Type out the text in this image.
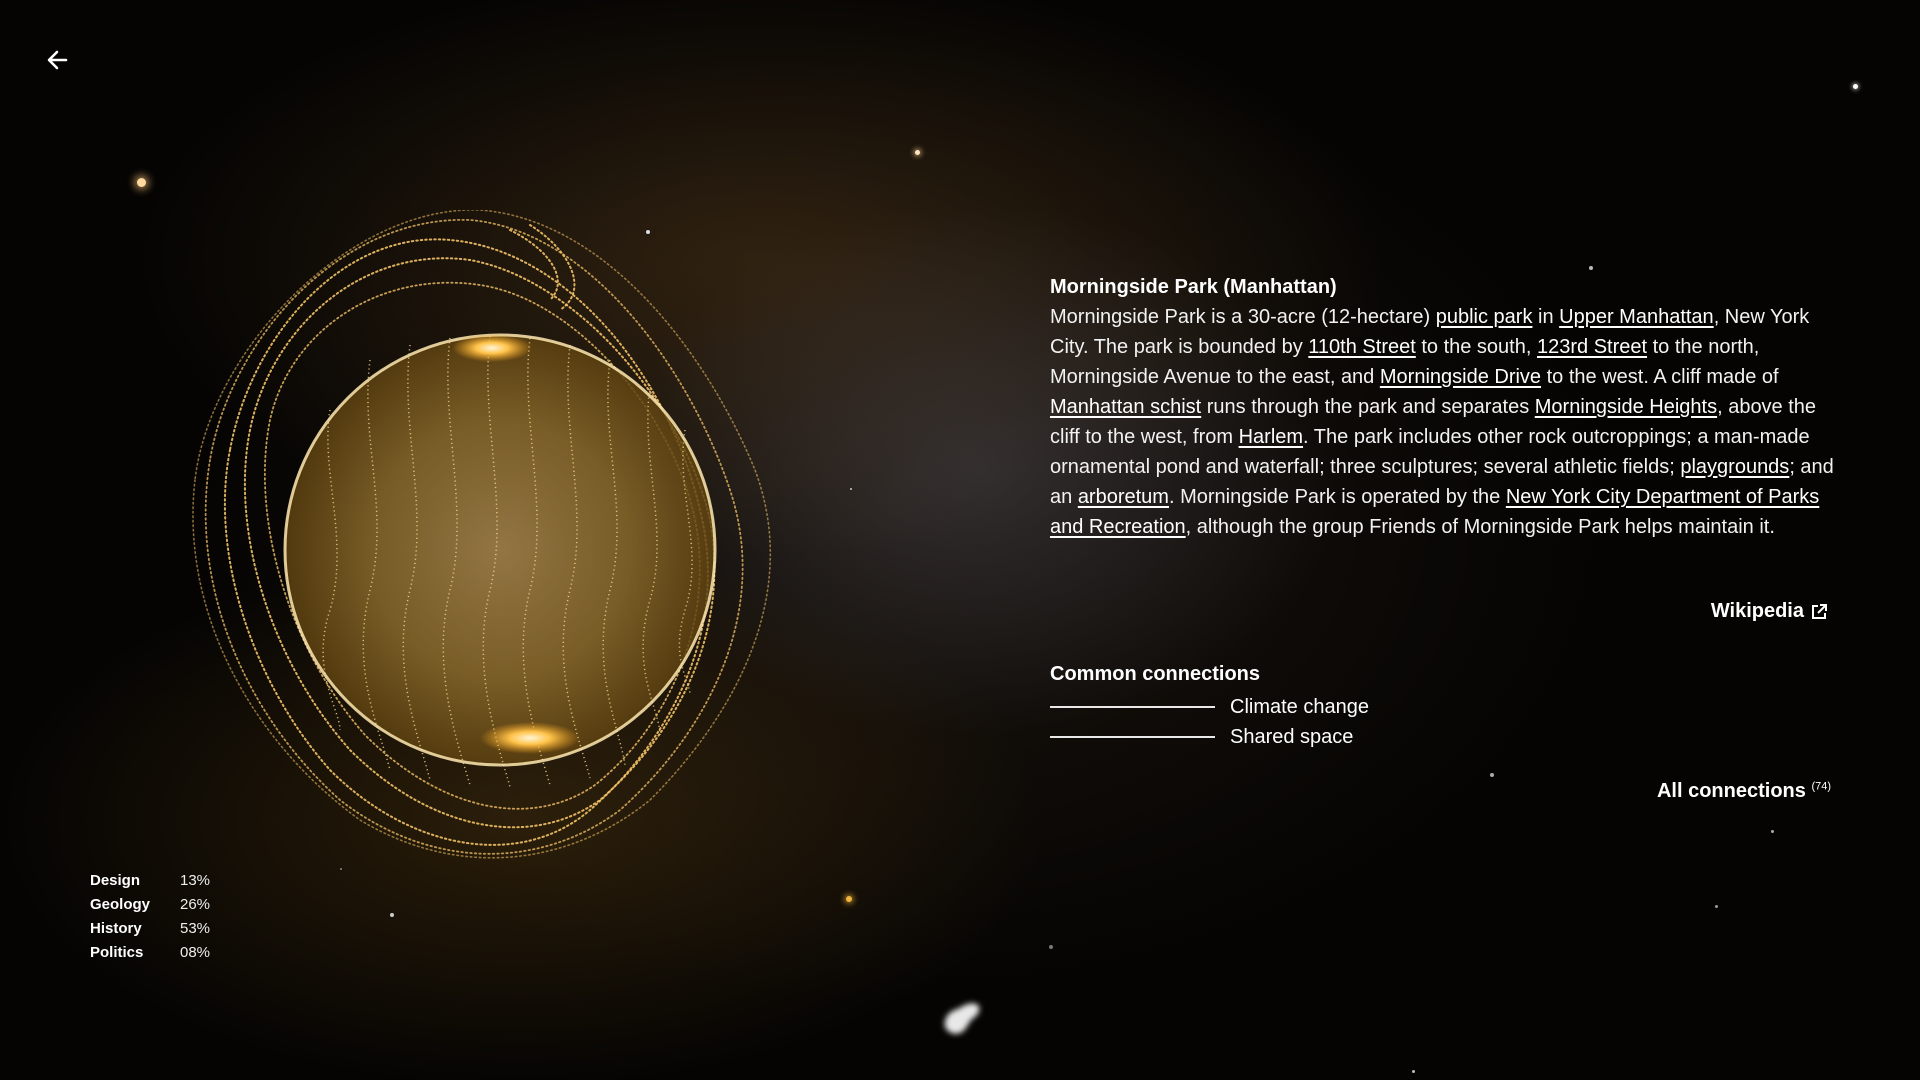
Morningside Park (Manhattan)

Morningside Park is a 30-acre (12-hectare) public park in Upper Manhattan, New York City. The park is bounded by 110th Street to the south, 123rd Street to the north, Morningside Avenue to the east, and Morningside Drive to the west. A cliff made of Manhattan schist runs through the park and separates Morningside Heights, above the cliff to the west, from Harlem. The park includes other rock outcroppings; a man-made ornamental pond and waterfall; three sculptures; several athletic fields; playgrounds; and an arboretum. Morningside Park is operated by the New York City Department of Parks and Recreation, although the group Friends of Morningside Park helps maintain it.

Wikipedia
Common connections
Climate change
Shared space
All connections $^{(74)}$
Design	13%
Geology	26%
History	53%
Politics	08%
